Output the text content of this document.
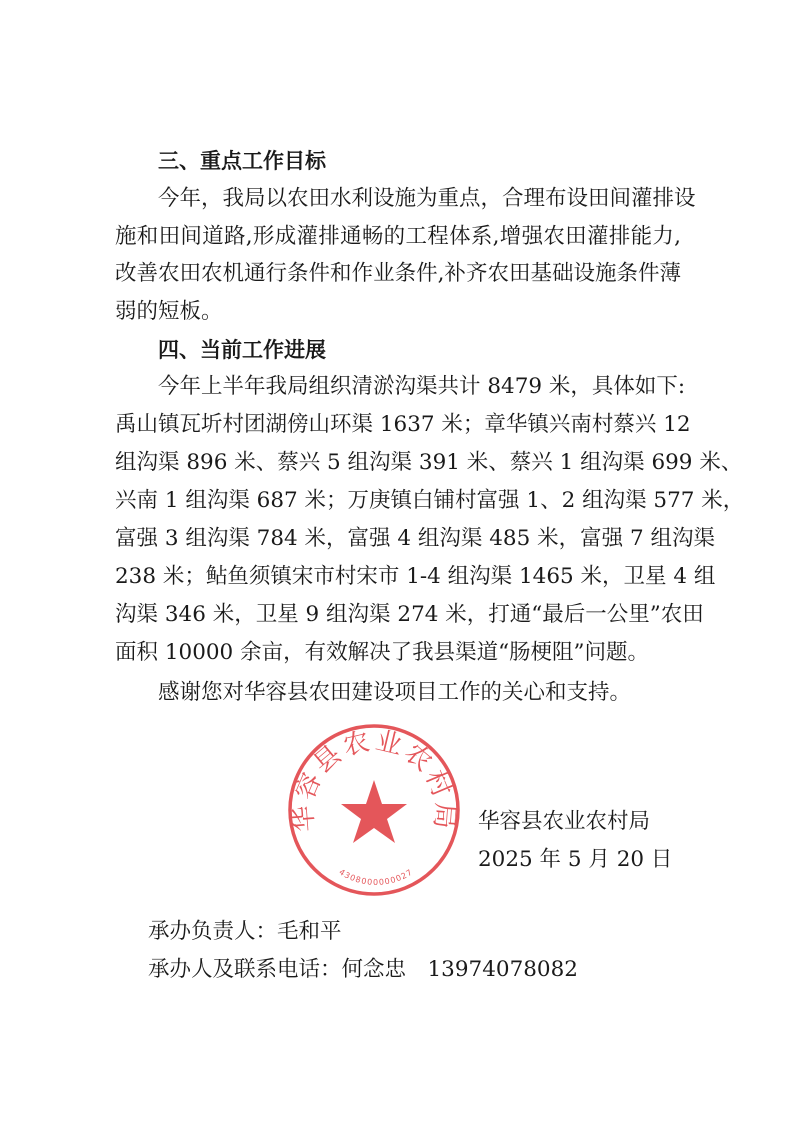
三、重点工作目标
今年，我局以农田水利设施为重点，合理布设田间灌排设
施和田间道路,形成灌排通畅的工程体系,增强农田灌排能力,
改善农田农机通行条件和作业条件,补齐农田基础设施条件薄
弱的短板。
四、当前工作进展
今年上半年我局组织清淤沟渠共计 8479 米，具体如下:
禹山镇瓦圻村团湖傍山环渠 1637 米；章华镇兴南村蔡兴 12
组沟渠 896 米、蔡兴 5 组沟渠 391 米、蔡兴 1 组沟渠 699 米、
兴南 1 组沟渠 687 米；万庚镇白铺村富强 1、2 组沟渠 577 米，
富强 3 组沟渠 784 米，富强 4 组沟渠 485 米，富强 7 组沟渠
238 米；鲇鱼须镇宋市村宋市 1-4 组沟渠 1465 米，卫星 4 组
沟渠 346 米，卫星 9 组沟渠 274 米，打通“最后一公里”农田
面积 10000 余亩，有效解决了我县渠道“肠梗阻”问题。
感谢您对华容县农田建设项目工作的关心和支持。
华容县农业农村局
4308000000027
华容县农业农村局
2025 年 5 月 20 日
承办负责人：毛和平
承办人及联系电话：何念忠　13974078082
